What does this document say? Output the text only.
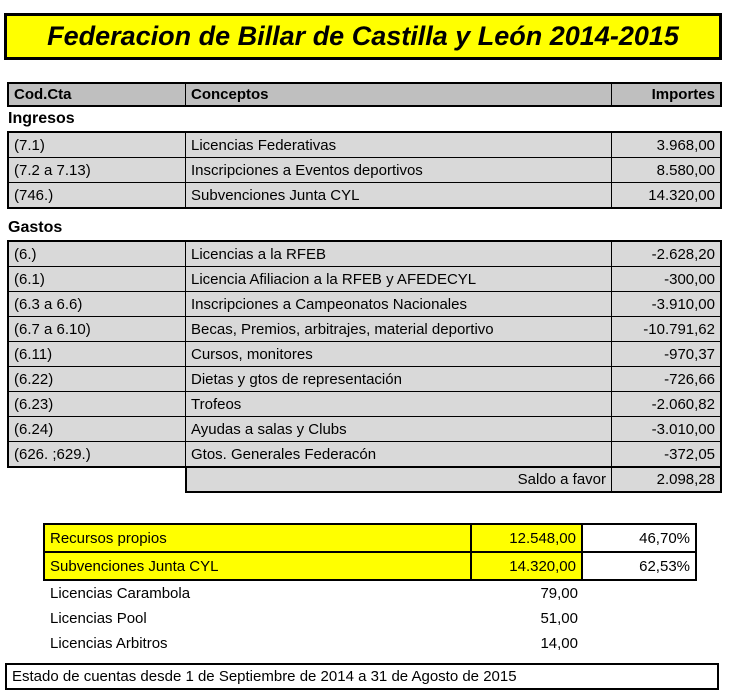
Federacion de Billar de Castilla y León 2014-2015
Cod.Cta	Conceptos	Importes
Ingresos
(7.1)	Licencias Federativas	3.968,00
(7.2 a 7.13)	Inscripciones a Eventos deportivos	8.580,00
(746.)	Subvenciones Junta CYL	14.320,00
Gastos
(6.)	Licencias a la RFEB	-2.628,20
(6.1)	Licencia Afiliacion a la RFEB y AFEDECYL	-300,00
(6.3 a 6.6)	Inscripciones a Campeonatos Nacionales	-3.910,00
(6.7 a 6.10)	Becas, Premios, arbitrajes, material deportivo	-10.791,62
(6.11)	Cursos, monitores	-970,37
(6.22)	Dietas y gtos de representación	-726,66
(6.23)	Trofeos	-2.060,82
(6.24)	Ayudas a salas y Clubs	-3.010,00
(626. ;629.)	Gtos. Generales Federacón	-372,05
Saldo a favor	2.098,28
Recursos propios	12.548,00	46,70%
Subvenciones Junta CYL	14.320,00	62,53%
Licencias Carambola	79,00
Licencias Pool	51,00
Licencias Arbitros	14,00
Estado de cuentas desde 1 de Septiembre de 2014 a 31 de Agosto de 2015
